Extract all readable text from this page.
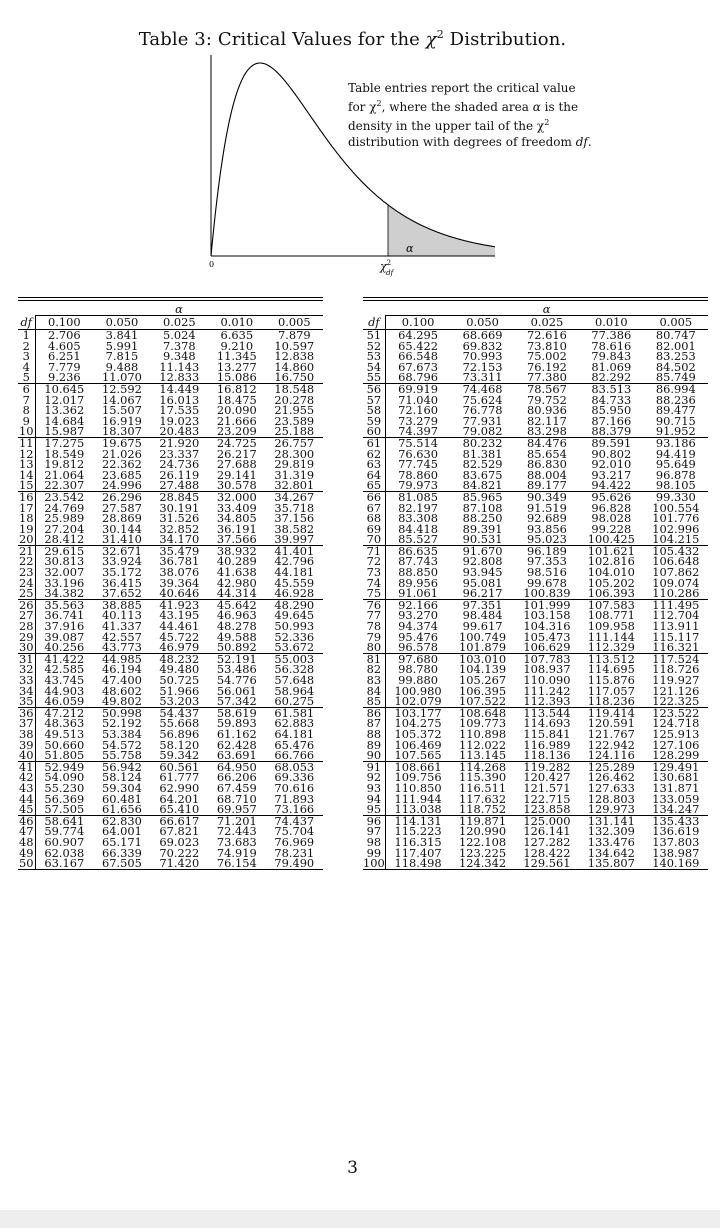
Table 3: Critical Values for the $\chi^2$ Distribution.
0
α
$\chi^2$ df
Table entries report the critical value
for $\chi^2$, where the shaded area α is the
density in the upper tail of the $\chi^2$
distribution with degrees of freedom df.
	α				
df	0.100	0.050	0.025	0.010	0.005
1	2.706	3.841	5.024	6.635	7.879
2	4.605	5.991	7.378	9.210	10.597
3	6.251	7.815	9.348	11.345	12.838
4	7.779	9.488	11.143	13.277	14.860
5	9.236	11.070	12.833	15.086	16.750
6	10.645	12.592	14.449	16.812	18.548
7	12.017	14.067	16.013	18.475	20.278
8	13.362	15.507	17.535	20.090	21.955
9	14.684	16.919	19.023	21.666	23.589
10	15.987	18.307	20.483	23.209	25.188
11	17.275	19.675	21.920	24.725	26.757
12	18.549	21.026	23.337	26.217	28.300
13	19.812	22.362	24.736	27.688	29.819
14	21.064	23.685	26.119	29.141	31.319
15	22.307	24.996	27.488	30.578	32.801
16	23.542	26.296	28.845	32.000	34.267
17	24.769	27.587	30.191	33.409	35.718
18	25.989	28.869	31.526	34.805	37.156
19	27.204	30.144	32.852	36.191	38.582
20	28.412	31.410	34.170	37.566	39.997
21	29.615	32.671	35.479	38.932	41.401
22	30.813	33.924	36.781	40.289	42.796
23	32.007	35.172	38.076	41.638	44.181
24	33.196	36.415	39.364	42.980	45.559
25	34.382	37.652	40.646	44.314	46.928
26	35.563	38.885	41.923	45.642	48.290
27	36.741	40.113	43.195	46.963	49.645
28	37.916	41.337	44.461	48.278	50.993
29	39.087	42.557	45.722	49.588	52.336
30	40.256	43.773	46.979	50.892	53.672
31	41.422	44.985	48.232	52.191	55.003
32	42.585	46.194	49.480	53.486	56.328
33	43.745	47.400	50.725	54.776	57.648
34	44.903	48.602	51.966	56.061	58.964
35	46.059	49.802	53.203	57.342	60.275
36	47.212	50.998	54.437	58.619	61.581
37	48.363	52.192	55.668	59.893	62.883
38	49.513	53.384	56.896	61.162	64.181
39	50.660	54.572	58.120	62.428	65.476
40	51.805	55.758	59.342	63.691	66.766
41	52.949	56.942	60.561	64.950	68.053
42	54.090	58.124	61.777	66.206	69.336
43	55.230	59.304	62.990	67.459	70.616
44	56.369	60.481	64.201	68.710	71.893
45	57.505	61.656	65.410	69.957	73.166
46	58.641	62.830	66.617	71.201	74.437
47	59.774	64.001	67.821	72.443	75.704
48	60.907	65.171	69.023	73.683	76.969
49	62.038	66.339	70.222	74.919	78.231
50	63.167	67.505	71.420	76.154	79.490
	α				
df	0.100	0.050	0.025	0.010	0.005
51	64.295	68.669	72.616	77.386	80.747
52	65.422	69.832	73.810	78.616	82.001
53	66.548	70.993	75.002	79.843	83.253
54	67.673	72.153	76.192	81.069	84.502
55	68.796	73.311	77.380	82.292	85.749
56	69.919	74.468	78.567	83.513	86.994
57	71.040	75.624	79.752	84.733	88.236
58	72.160	76.778	80.936	85.950	89.477
59	73.279	77.931	82.117	87.166	90.715
60	74.397	79.082	83.298	88.379	91.952
61	75.514	80.232	84.476	89.591	93.186
62	76.630	81.381	85.654	90.802	94.419
63	77.745	82.529	86.830	92.010	95.649
64	78.860	83.675	88.004	93.217	96.878
65	79.973	84.821	89.177	94.422	98.105
66	81.085	85.965	90.349	95.626	99.330
67	82.197	87.108	91.519	96.828	100.554
68	83.308	88.250	92.689	98.028	101.776
69	84.418	89.391	93.856	99.228	102.996
70	85.527	90.531	95.023	100.425	104.215
71	86.635	91.670	96.189	101.621	105.432
72	87.743	92.808	97.353	102.816	106.648
73	88.850	93.945	98.516	104.010	107.862
74	89.956	95.081	99.678	105.202	109.074
75	91.061	96.217	100.839	106.393	110.286
76	92.166	97.351	101.999	107.583	111.495
77	93.270	98.484	103.158	108.771	112.704
78	94.374	99.617	104.316	109.958	113.911
79	95.476	100.749	105.473	111.144	115.117
80	96.578	101.879	106.629	112.329	116.321
81	97.680	103.010	107.783	113.512	117.524
82	98.780	104.139	108.937	114.695	118.726
83	99.880	105.267	110.090	115.876	119.927
84	100.980	106.395	111.242	117.057	121.126
85	102.079	107.522	112.393	118.236	122.325
86	103.177	108.648	113.544	119.414	123.522
87	104.275	109.773	114.693	120.591	124.718
88	105.372	110.898	115.841	121.767	125.913
89	106.469	112.022	116.989	122.942	127.106
90	107.565	113.145	118.136	124.116	128.299
91	108.661	114.268	119.282	125.289	129.491
92	109.756	115.390	120.427	126.462	130.681
93	110.850	116.511	121.571	127.633	131.871
94	111.944	117.632	122.715	128.803	133.059
95	113.038	118.752	123.858	129.973	134.247
96	114.131	119.871	125.000	131.141	135.433
97	115.223	120.990	126.141	132.309	136.619
98	116.315	122.108	127.282	133.476	137.803
99	117.407	123.225	128.422	134.642	138.987
100	118.498	124.342	129.561	135.807	140.169
3
